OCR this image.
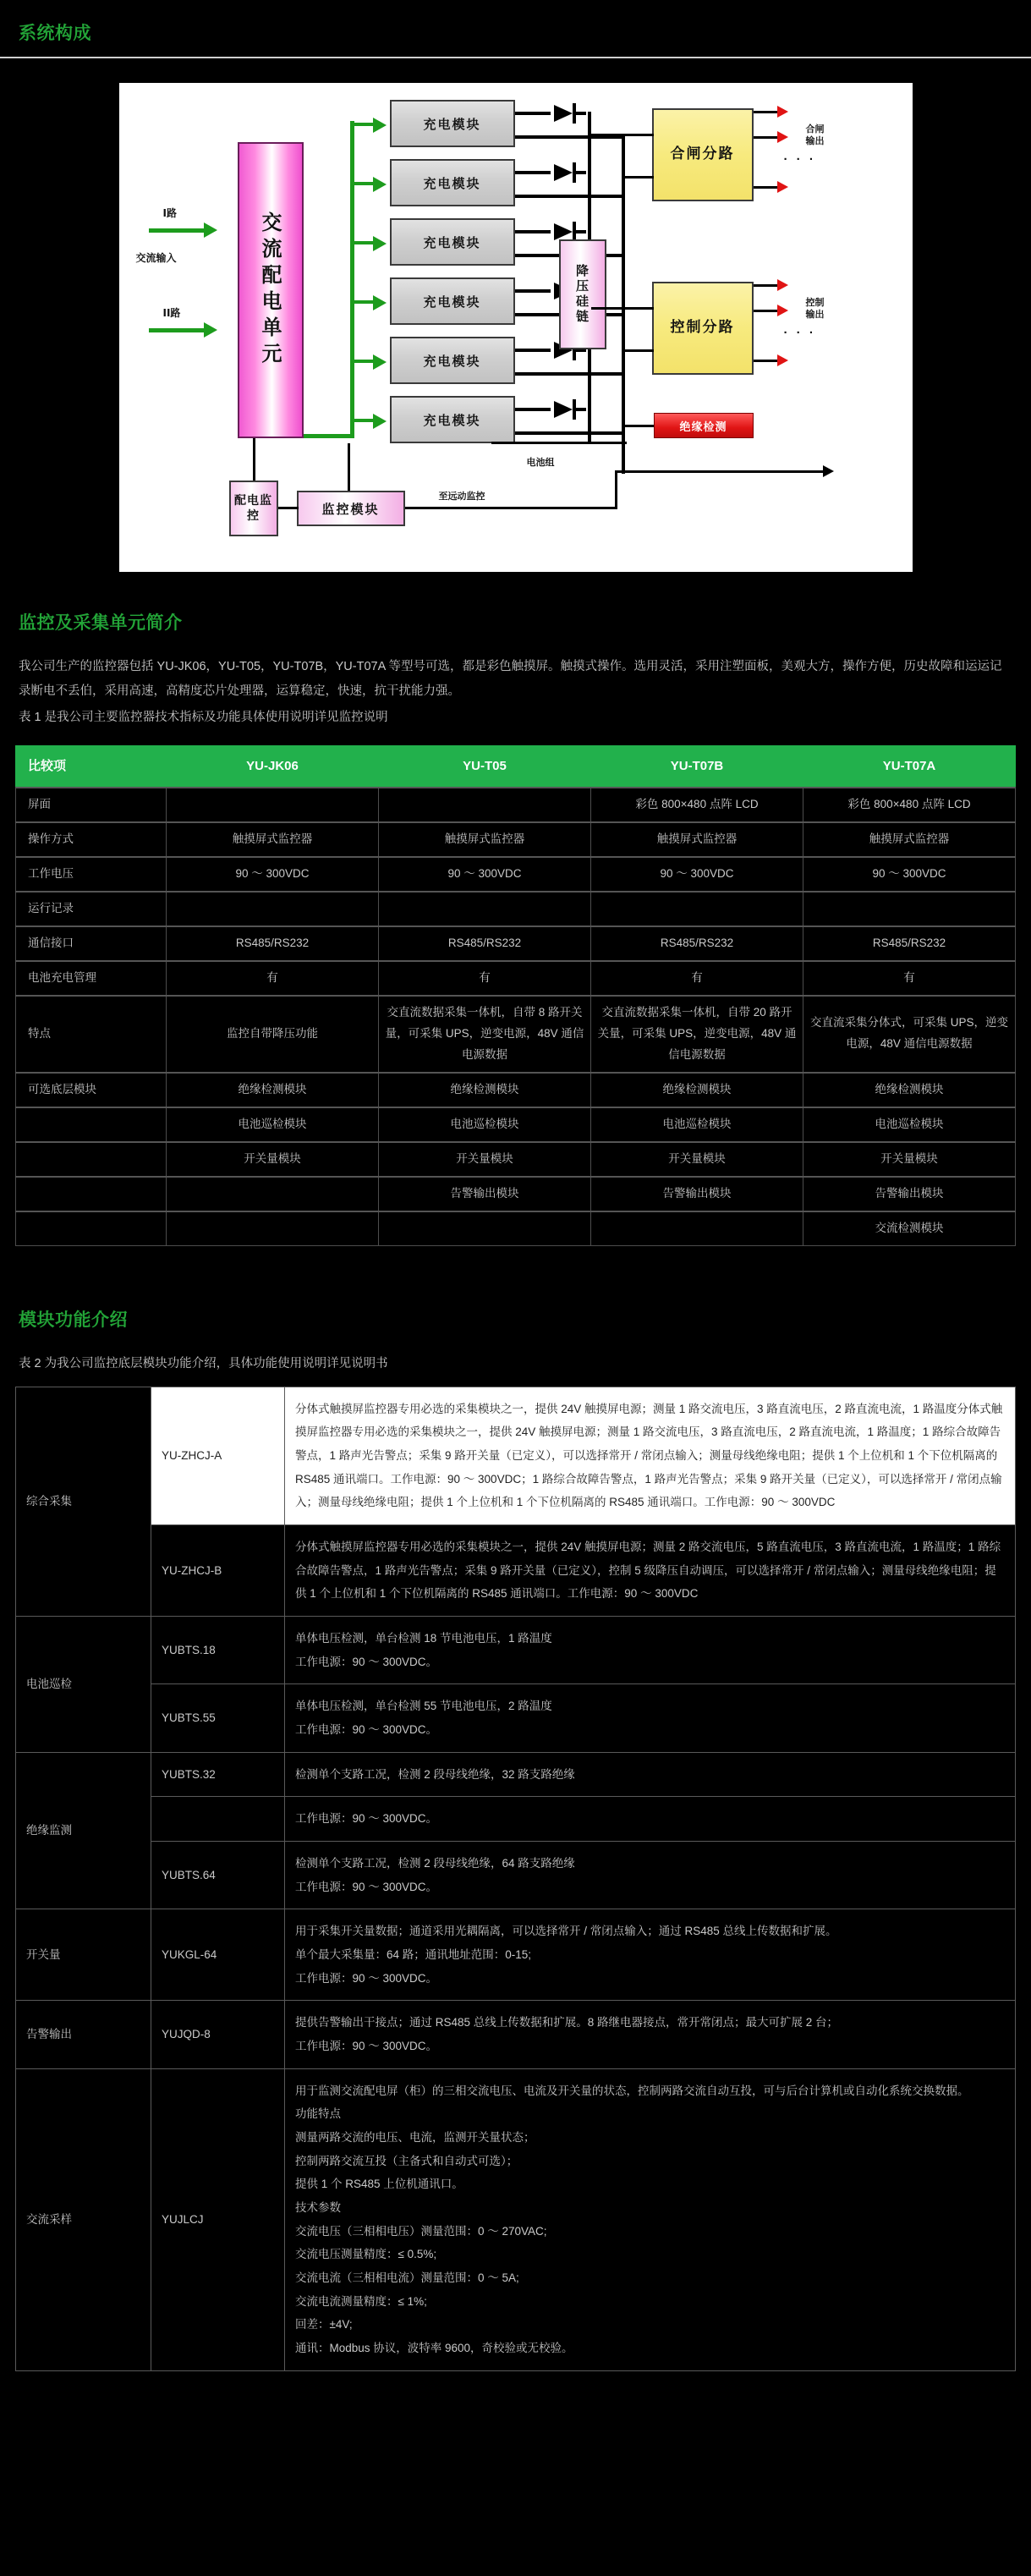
系统构成
I路
交流输入
II路	交流配电单元
充电模块
充电模块
充电模块
充电模块
充电模块
充电模块
降压硅链
电池组
合闸分路
控制分路
· · ·
合闸输出
· · ·
控制输出
绝缘检测
配电监控	监控模块
至远动监控
监控及采集单元简介

我公司生产的监控器包括 YU-JK06，YU-T05，YU-T07B，YU-T07A 等型号可选，都是彩色触摸屏。触摸式操作。选用灵活，采用注塑面板，美观大方，操作方便，历史故障和运运记录断电不丢伯，采用高速，高精度芯片处理器，运算稳定，快速，抗干扰能力强。

表 1 是我公司主要监控器技术指标及功能具体使用说明详见监控说明

比较项	YU-JK06	YU-T05	YU-T07B	YU-T07A
屏面			彩色 800×480 点阵 LCD	彩色 800×480 点阵 LCD
操作方式	触摸屏式监控器	触摸屏式监控器	触摸屏式监控器	触摸屏式监控器
工作电压	90 ～ 300VDC	90 ～ 300VDC	90 ～ 300VDC	90 ～ 300VDC
运行记录				
通信接口	RS485/RS232	RS485/RS232	RS485/RS232	RS485/RS232
电池充电管理	有	有	有	有
特点	监控自带降压功能	交直流数据采集一体机，自带 8 路开关量，可采集 UPS，逆变电源，48V 通信电源数据	交直流数据采集一体机，自带 20 路开关量，可采集 UPS，逆变电源，48V 通信电源数据	交直流采集分体式，可采集 UPS，逆变电源，48V 通信电源数据
可选底层模块	绝缘检测模块	绝缘检测模块	绝缘检测模块	绝缘检测模块
	电池巡检模块	电池巡检模块	电池巡检模块	电池巡检模块
	开关量模块	开关量模块	开关量模块	开关量模块
		告警输出模块	告警输出模块	告警输出模块
				交流检测模块
模块功能介绍

表 2 为我公司监控底层模块功能介绍，具体功能使用说明详见说明书

综合采集	YU-ZHCJ-A	分体式触摸屏监控器专用必选的采集模块之一，提供 24V 触摸屏电源；测量 1 路交流电压，3 路直流电压，2 路直流电流，1 路温度分体式触摸屏监控器专用必选的采集模块之一，提供 24V 触摸屏电源；测量 1 路交流电压，3 路直流电压，2 路直流电流，1 路温度；1 路综合故障告警点，1 路声光告警点；采集 9 路开关量（已定义），可以选择常开 / 常闭点输入；测量母线绝缘电阻；提供 1 个上位机和 1 个下位机隔离的 RS485 通讯端口。工作电源：90 ～ 300VDC；1 路综合故障告警点，1 路声光告警点；采集 9 路开关量（已定义），可以选择常开 / 常闭点输入；测量母线绝缘电阻；提供 1 个上位机和 1 个下位机隔离的 RS485 通讯端口。工作电源：90 ～ 300VDC

	YU-ZHCJ-B	分体式触摸屏监控器专用必选的采集模块之一，提供 24V 触摸屏电源；测量 2 路交流电压，5 路直流电压，3 路直流电流，1 路温度；1 路综合故障告警点，1 路声光告警点；采集 9 路开关量（已定义），控制 5 级降压自动调压，可以选择常开 / 常闭点输入；测量母线绝缘电阻；提供 1 个上位机和 1 个下位机隔离的 RS485 通讯端口。工作电源：90 ～ 300VDC

电池巡检	YUBTS.18	单体电压检测，单台检测 18 节电池电压，1 路温度

工作电源：90 ～ 300VDC。

	YUBTS.55	单体电压检测，单台检测 55 节电池电压，2 路温度

工作电源：90 ～ 300VDC。

绝缘监测	YUBTS.32	检测单个支路工况，检测 2 段母线绝缘，32 路支路绝缘

		工作电源：90 ～ 300VDC。

	YUBTS.64	检测单个支路工况，检测 2 段母线绝缘，64 路支路绝缘

工作电源：90 ～ 300VDC。

开关量	YUKGL-64	用于采集开关量数据；通道采用光耦隔离，可以选择常开 / 常闭点输入；通过 RS485 总线上传数据和扩展。

单个最大采集量：64 路；通讯地址范围：0-15;

工作电源：90 ～ 300VDC。

告警输出	YUJQD-8	提供告警输出干接点；通过 RS485 总线上传数据和扩展。8 路继电器接点，常开常闭点；最大可扩展 2 台；

工作电源：90 ～ 300VDC。

交流采样	YUJLCJ	

用于监测交流配电屏（柜）的三相交流电压、电流及开关量的状态，控制两路交流自动互投，可与后台计算机或自动化系统交换数据。

功能特点

测量两路交流的电压、电流，监测开关量状态；

控制两路交流互投（主备式和自动式可选）；

提供 1 个 RS485 上位机通讯口。

技术参数

交流电压（三相相电压）测量范围：0 ～ 270VAC;

交流电压测量精度：≤ 0.5%;

交流电流（三相相电流）测量范围：0 ～ 5A;

交流电流测量精度：≤ 1%;

回差：±4V;

通讯：Modbus 协议，波特率 9600，奇校验或无校验。
